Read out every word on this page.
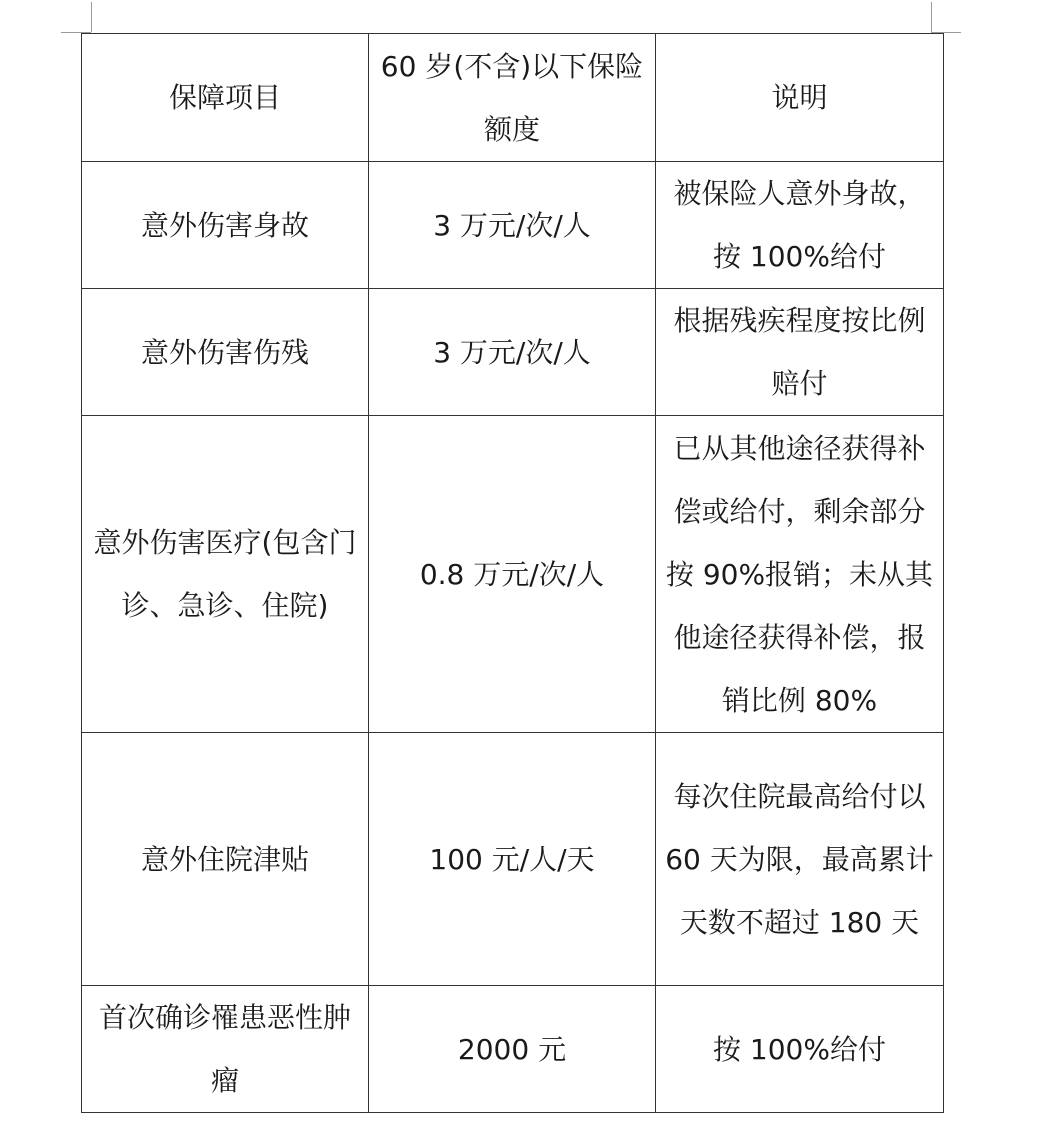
保障项目	60 岁(不含)以下保险额度	说明
意外伤害身故	3 万元/次/人	被保险人意外身故，按 100%给付
意外伤害伤残	3 万元/次/人	根据残疾程度按比例赔付
意外伤害医疗(包含门诊、急诊、住院)	0.8 万元/次/人	已从其他途径获得补偿或给付，剩余部分按 90%报销；未从其他途径获得补偿，报销比例 80%
意外住院津贴	100 元/人/天	每次住院最高给付以 60 天为限，最高累计天数不超过 180 天
首次确诊罹患恶性肿瘤	2000 元	按 100%给付
